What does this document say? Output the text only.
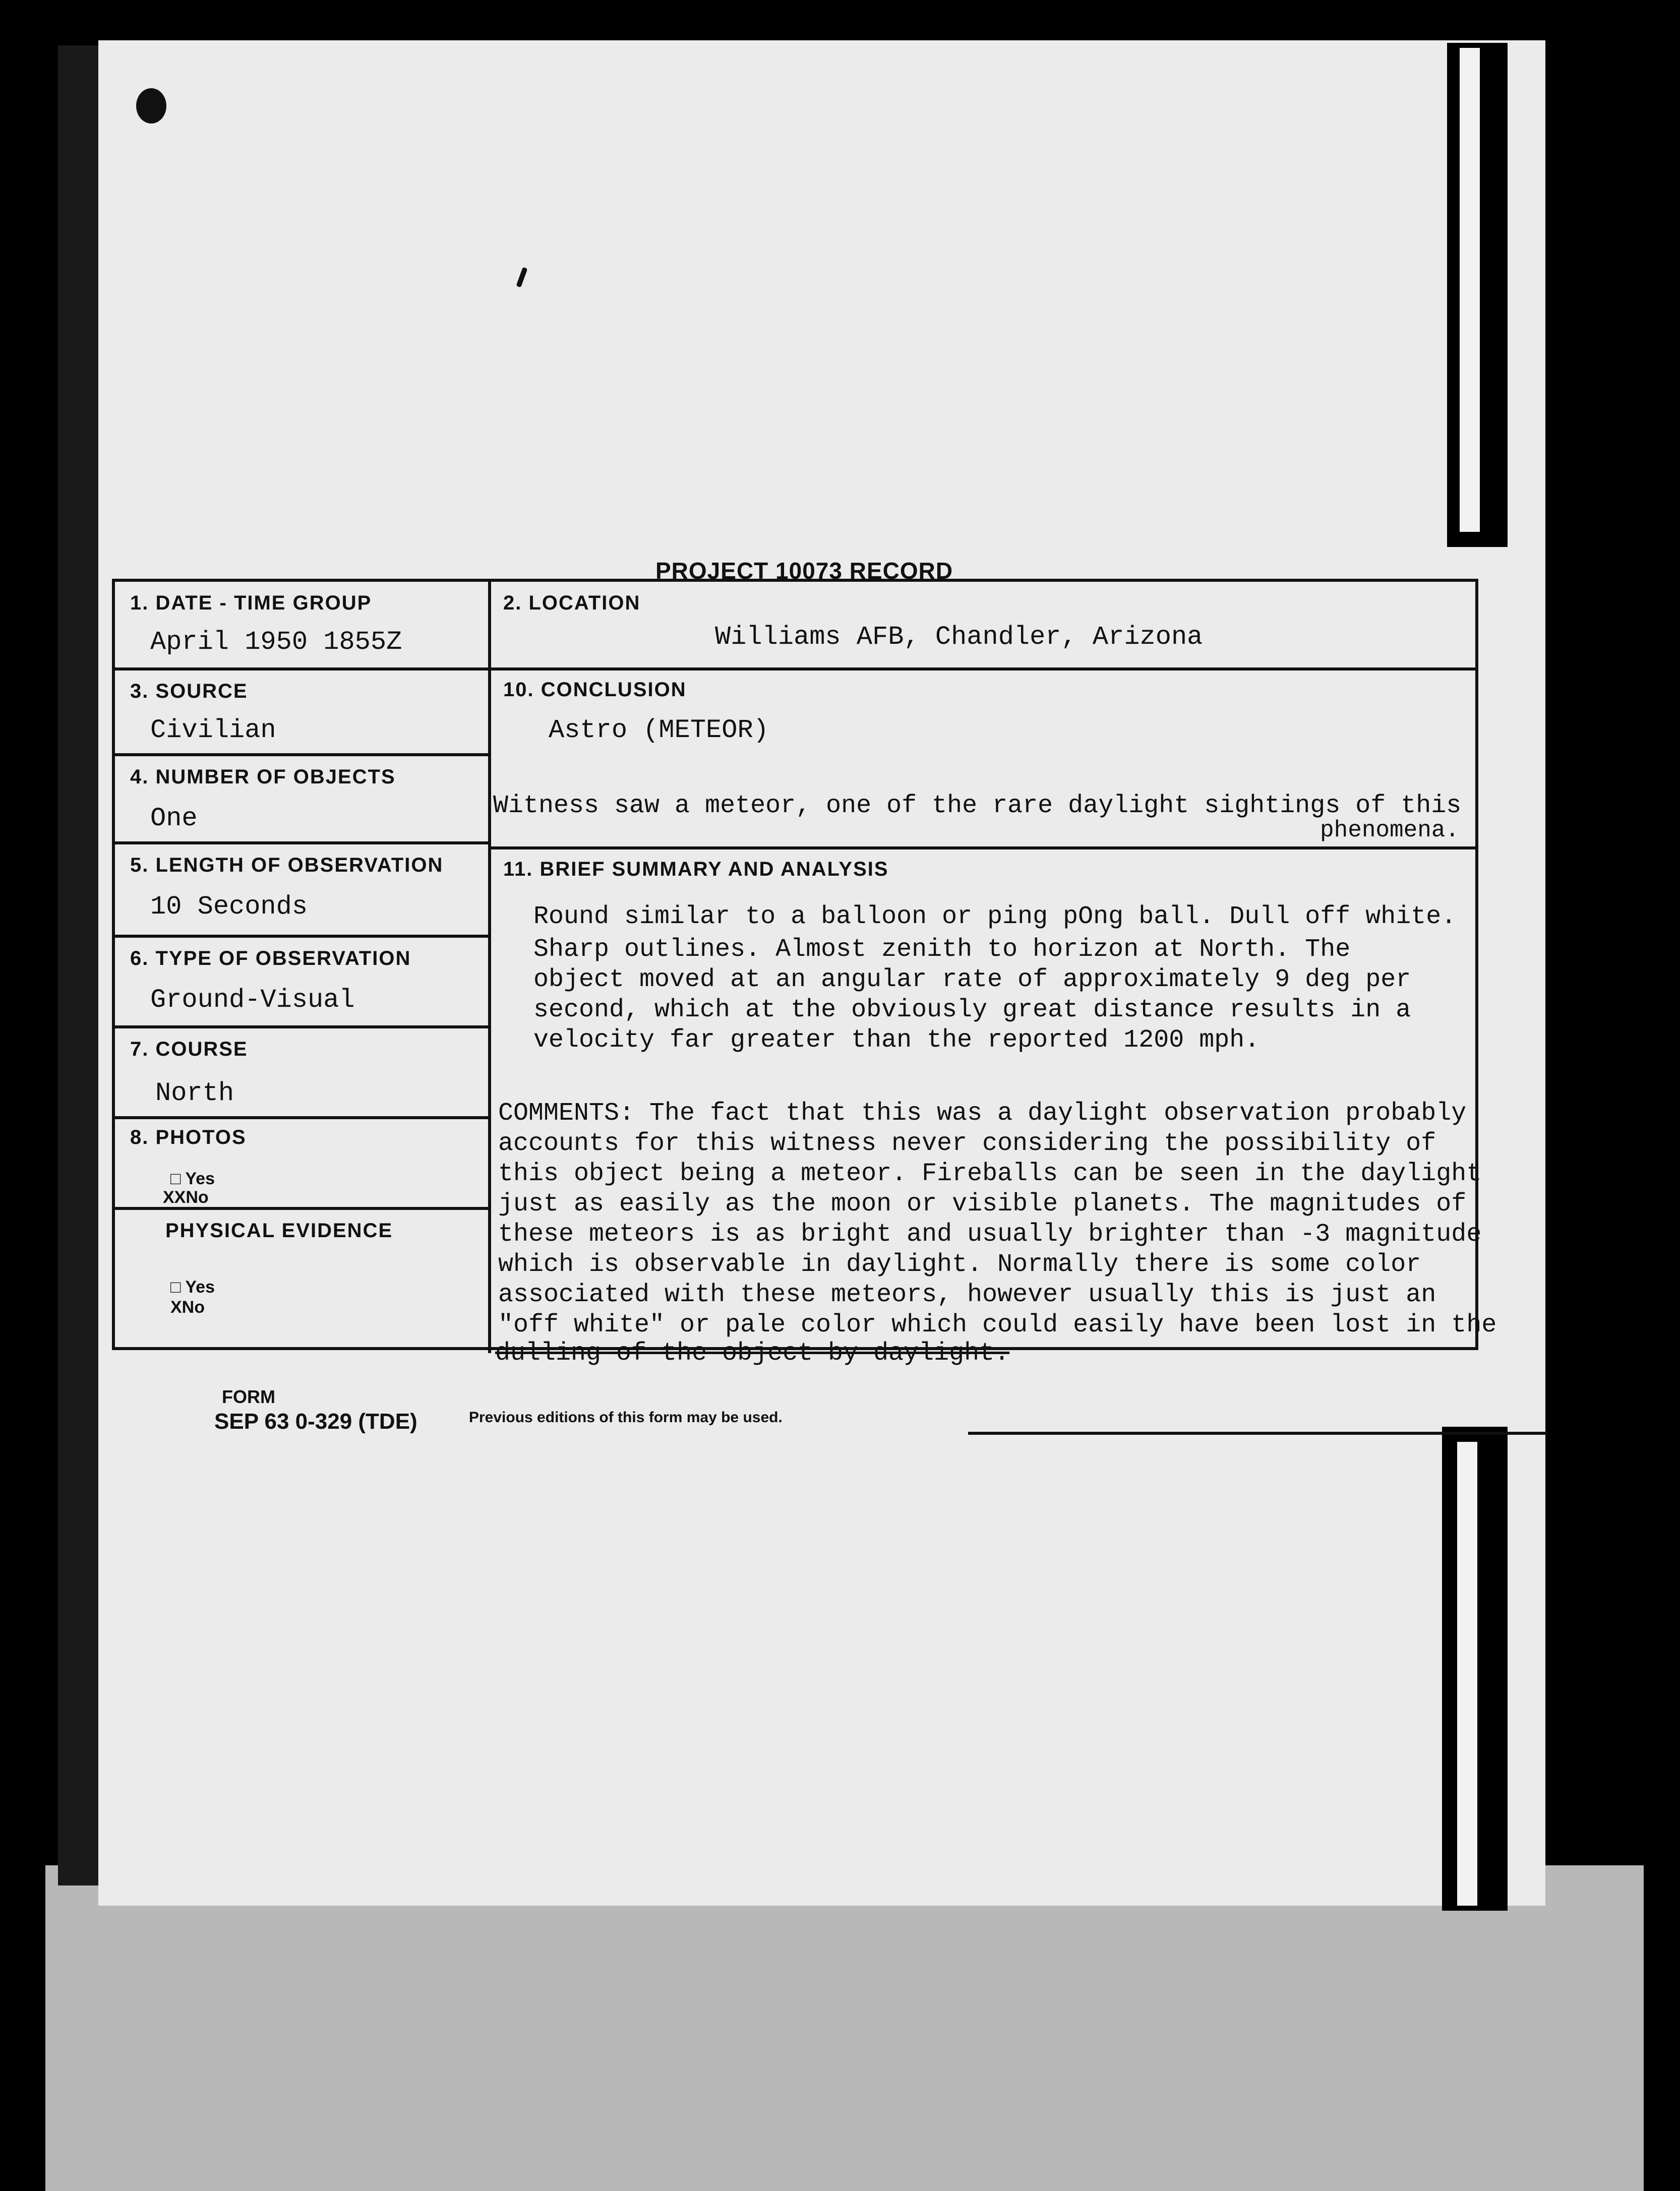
PROJECT 10073 RECORD
1. DATE - TIME GROUP
April 1950 1855Z
2. LOCATION
Williams AFB, Chandler, Arizona
3. SOURCE
Civilian
4. NUMBER OF OBJECTS
One
5. LENGTH OF OBSERVATION
10 Seconds
6. TYPE OF OBSERVATION
Ground-Visual
7. COURSE
North
8. PHOTOS
□ Yes
XXNo
PHYSICAL EVIDENCE
□ Yes
XNo
10. CONCLUSION
Astro (METEOR)
Witness saw a meteor, one of the rare daylight sightings of this
phenomena.
11. BRIEF SUMMARY AND ANALYSIS
Round similar to a balloon or ping pOng ball. Dull off white.
Sharp outlines. Almost zenith to horizon at North. The
object moved at an angular rate of approximately 9 deg per
second, which at the obviously great distance results in a
velocity far greater than the reported 1200 mph.
COMMENTS: The fact that this was a daylight observation probably
accounts for this witness never considering the possibility of
this object being a meteor. Fireballs can be seen in the daylight
just as easily as the moon or visible planets. The magnitudes of
these meteors is as bright and usually brighter than -3 magnitude
which is observable in daylight. Normally there is some color
associated with these meteors, however usually this is just an
"off white" or pale color which could easily have been lost in the
dulling of the object by daylight.
FORM
SEP 63 0-329 (TDE)	Previous editions of this form may be used.
